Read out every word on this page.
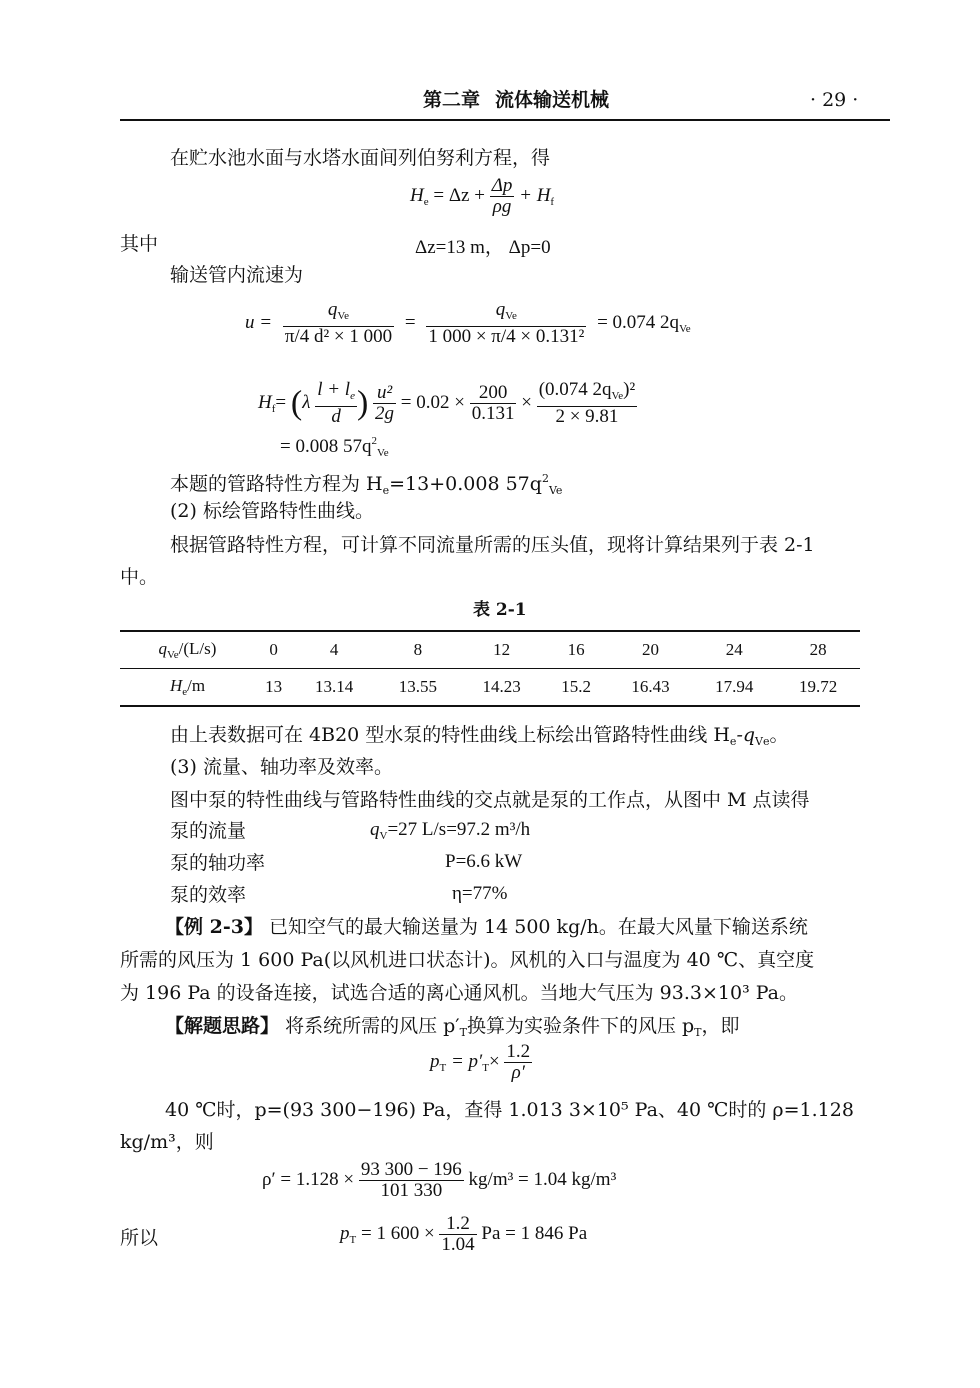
第二章 流体输送机械	· 29 ·
在贮水池水面与水塔水面间列伯努利方程，得
$H_e = \Delta z + \frac{\Delta p}{\rho g} + H_f$
其中	Δz=13 m， Δp=0
输送管内流速为
$u = \frac{q_{Ve}}{\text{π/4 d² × 1 000}} = \frac{q_{Ve}}{\text{1 000 × π/4 × 0.131²}} = 0.074$ $2q_{Ve}$
$H_f= (\lambda \frac{l + l_e}{d}$ ) $\frac{\text{u²}}{2g} = 0.02 \times \frac{200}{0.131} \times \frac{(0.074 2q_{Ve})^2}{2 \times 9.81}$
= 0.008 $57q^2_{Ve}$
本题的管路特性方程为 $H_e=13+0.008$ $57q^2_{Ve}$
(2) 标绘管路特性曲线。
根据管路特性方程，可计算不同流量所需的压头值，现将计算结果列于表 2-1
中。
表 2-1
$q_{Ve}/(L/s)$	0	4	8	12	16	20	24	28
$H_e/m$	13	13.14	13.55	14.23	15.2	16.43	17.94	19.72
由上表数据可在 4B20 型水泵的特性曲线上标绘出管路特性曲线 $H_e-q_{Ve}$。
(3) 流量、轴功率及效率。
图中泵的特性曲线与管路特性曲线的交点就是泵的工作点，从图中 M 点读得
泵的流量	$q_V=27$ L/s=97.2 m³/h
泵的轴功率	P=6.6 kW
泵的效率	η=77%
【例 2-3】 已知空气的最大输送量为 14 500 kg/h。在最大风量下输送系统
所需的风压为 1 600 Pa(以风机进口状态计)。风机的入口与温度为 40 ℃、真空度
为 196 Pa 的设备连接，试选合适的离心通风机。当地大气压为 93.3×10³ Pa。
【解题思路】 将系统所需的风压 $p'_T$换算为实验条件下的风压 $p_T$，即
$p_T = p'_T\times \frac{1.2}{\rho'}$
40 ℃时，p=(93 300−196) Pa，查得 1.013 3×10⁵ Pa、40 ℃时的 ρ=1.128
kg/m³，则
$\rho' = 1.128 \times \frac{93 300 - 196}{101 330} kg/m^3 = 1.04$ kg/m³
所以	$p_T = 1$ $600 \times \frac{1.2}{1.04}$ Pa = 1 846 Pa
